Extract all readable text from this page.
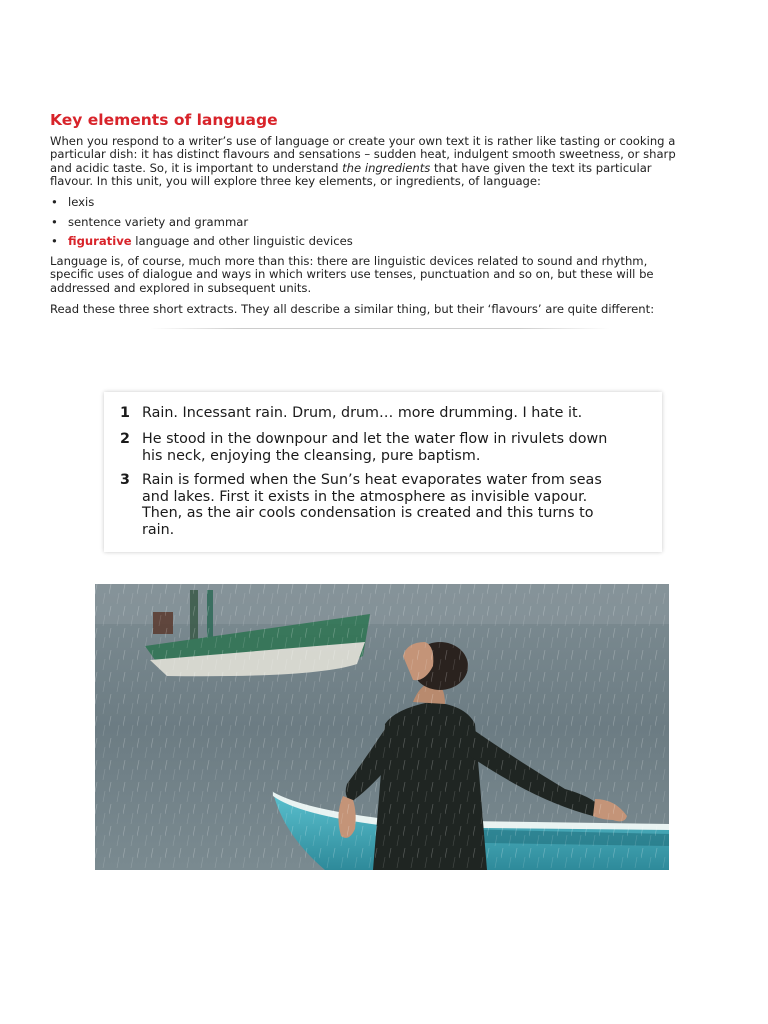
Key elements of language

When you respond to a writer’s use of language or create your own text it is rather like tasting or cooking a
particular dish: it has distinct flavours and sensations – sudden heat, indulgent smooth sweetness, or sharp
and acidic taste. So, it is important to understand the ingredients that have given the text its particular
flavour. In this unit, you will explore three key elements, or ingredients, of language:

• lexis
• sentence variety and grammar
• figurative language and other linguistic devices

Language is, of course, much more than this: there are linguistic devices related to sound and rhythm,
specific uses of dialogue and ways in which writers use tenses, punctuation and so on, but these will be
addressed and explored in subsequent units.

Read these three short extracts. They all describe a similar thing, but their ‘flavours’ are quite different:

1 Rain. Incessant rain. Drum, drum… more drumming. I hate it.
2 He stood in the downpour and let the water flow in rivulets down
his neck, enjoying the cleansing, pure baptism.
3 Rain is formed when the Sun’s heat evaporates water from seas
and lakes. First it exists in the atmosphere as invisible vapour.
Then, as the air cools condensation is created and this turns to
rain.
